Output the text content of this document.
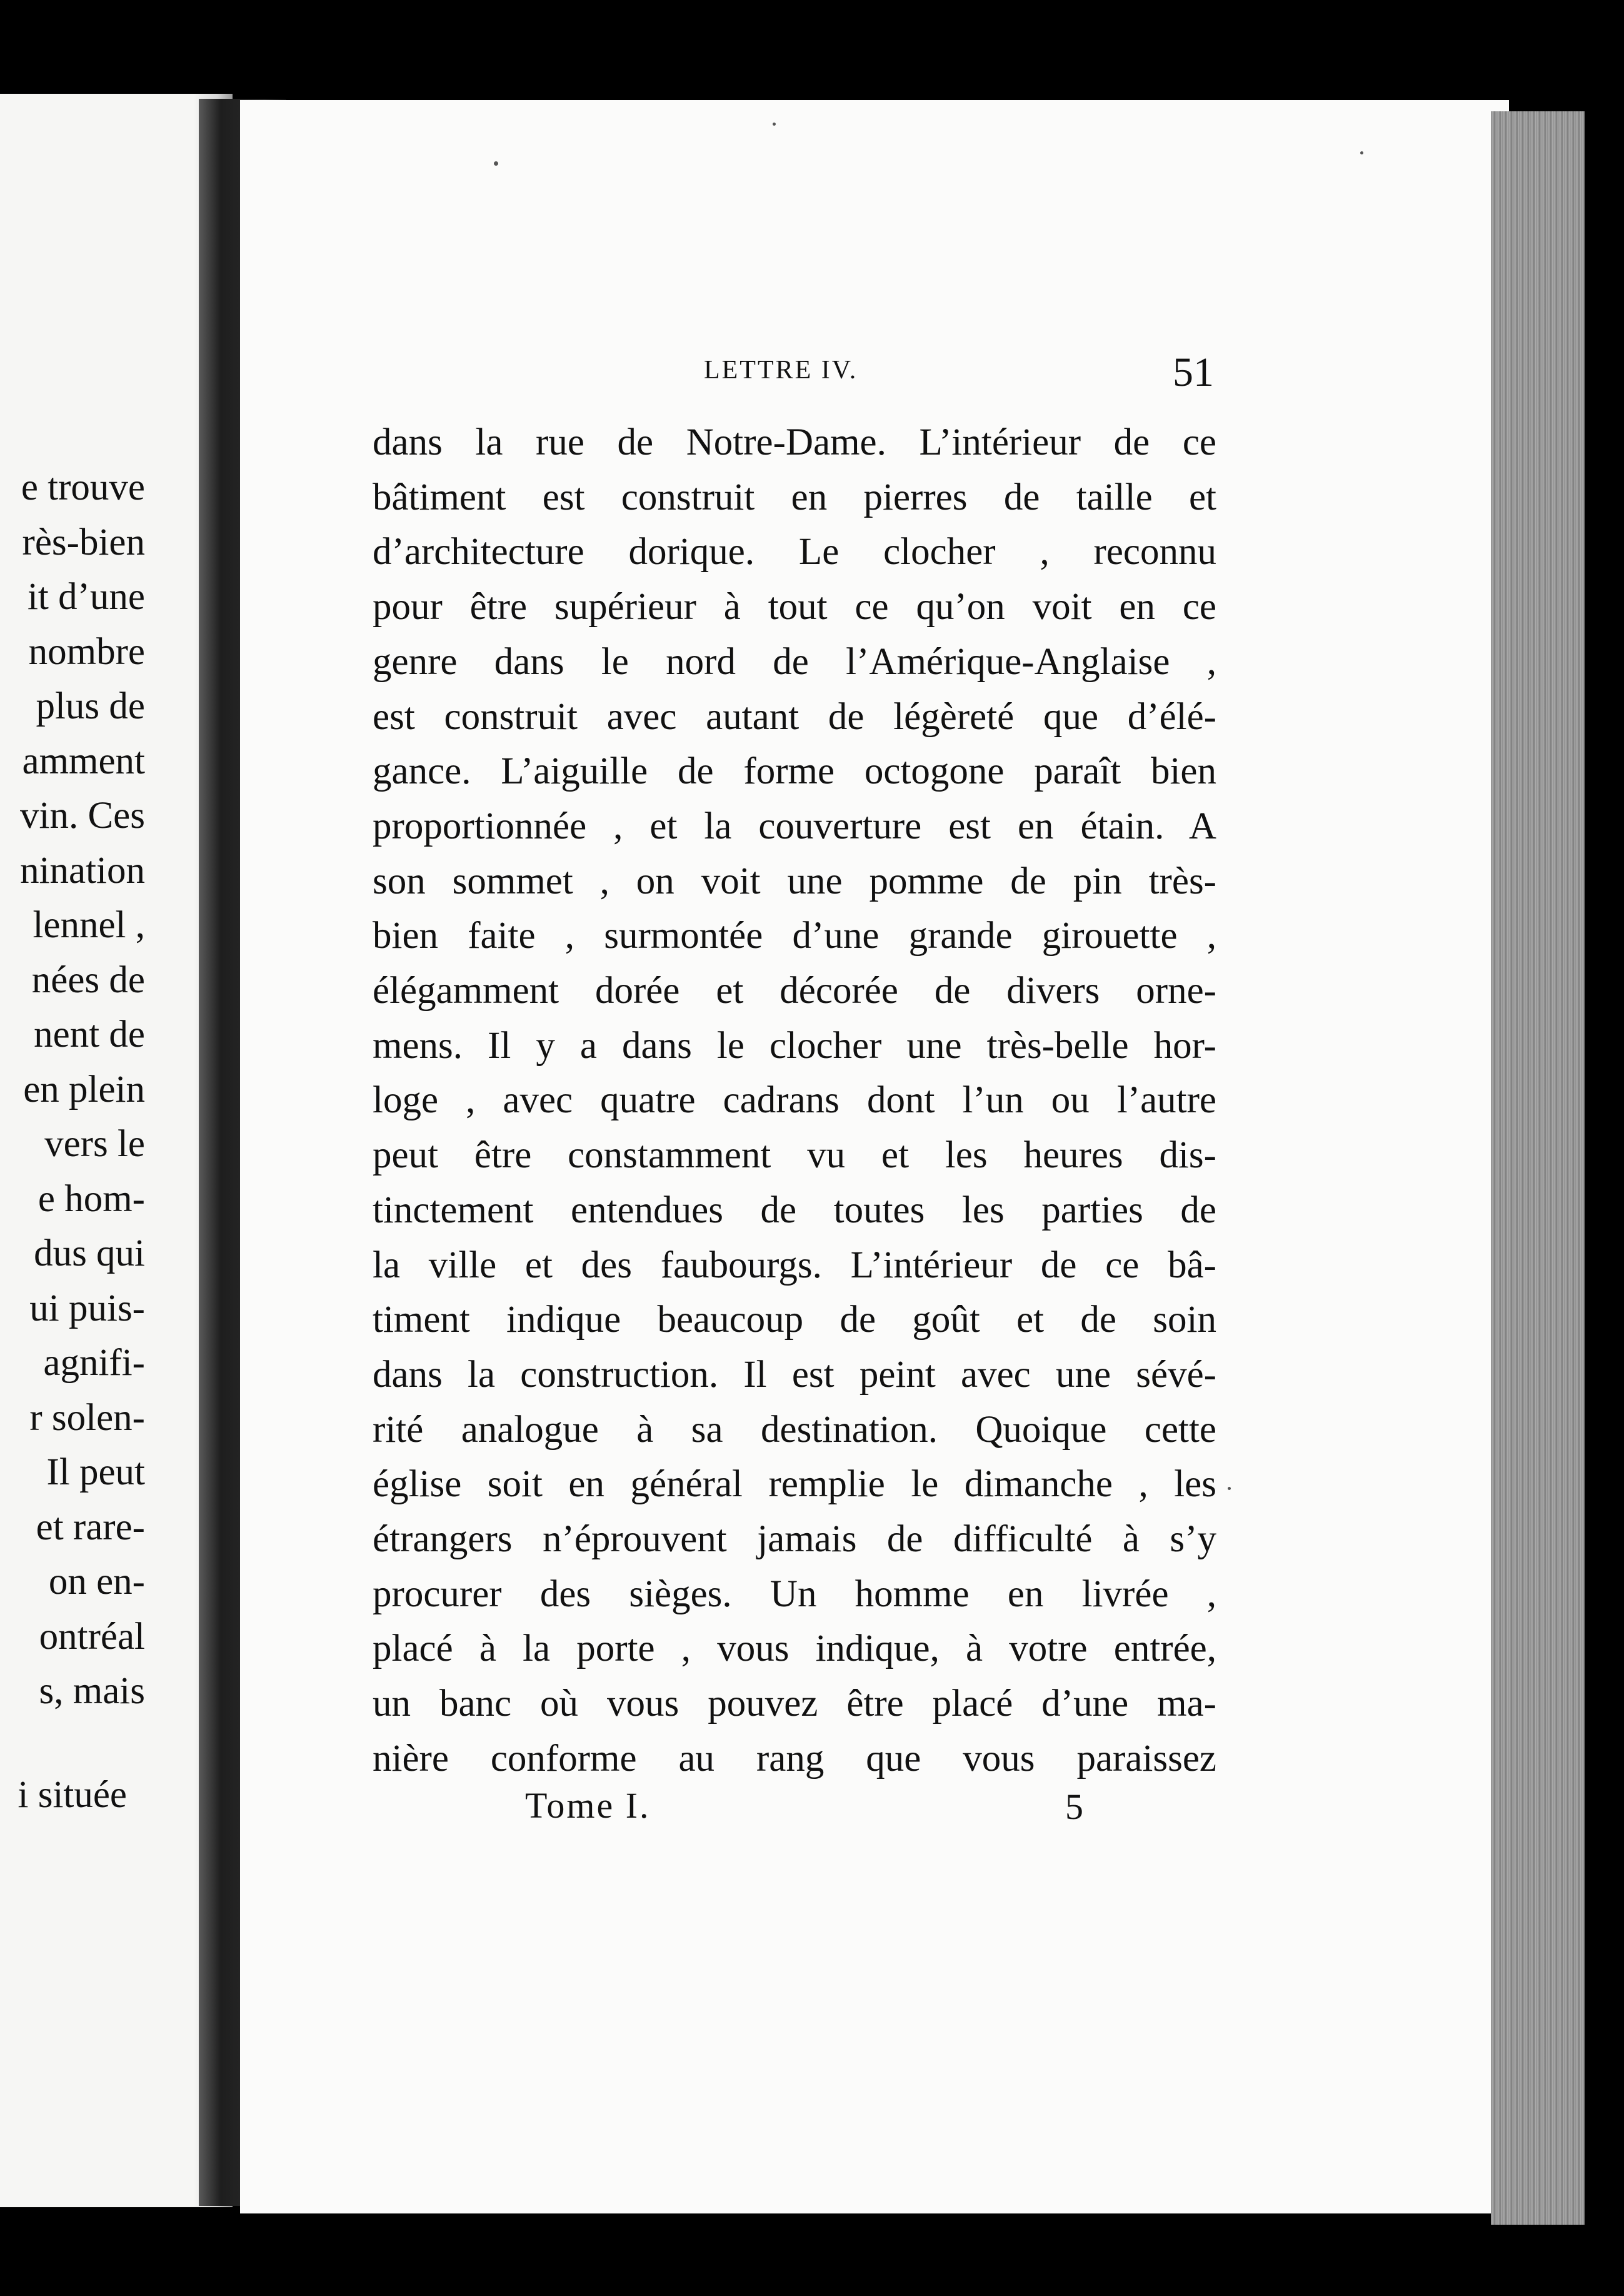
e trouve
rès-bien
it d’une
nombre
plus de
amment
vin. Ces
nination
lennel ,
nées de
nent de
en plein
vers le
e hom-
dus qui
ui puis-
agnifi-
r solen-
Il peut
et rare-
on en-
ontréal
s, mais
i située
LETTRE IV.	51
dans la rue de Notre-Dame. L’intérieur de ce
bâtiment est construit en pierres de taille et
d’architecture dorique. Le clocher , reconnu
pour être supérieur à tout ce qu’on voit en ce
genre dans le nord de l’Amérique-Anglaise ,
est construit avec autant de légèreté que d’élé-
gance. L’aiguille de forme octogone paraît bien
proportionnée , et la couverture est en étain. A
son sommet , on voit une pomme de pin très-
bien faite , surmontée d’une grande girouette ,
élégamment dorée et décorée de divers orne-
mens. Il y a dans le clocher une très-belle hor-
loge , avec quatre cadrans dont l’un ou l’autre
peut être constamment vu et les heures dis-
tinctement entendues de toutes les parties de
la ville et des faubourgs. L’intérieur de ce bâ-
timent indique beaucoup de goût et de soin
dans la construction. Il est peint avec une sévé-
rité analogue à sa destination. Quoique cette
église soit en général remplie le dimanche , les
étrangers n’éprouvent jamais de difficulté à s’y
procurer des sièges. Un homme en livrée ,
placé à la porte , vous indique, à votre entrée,
un banc où vous pouvez être placé d’une ma-
nière conforme au rang que vous paraissez
Tome I.	5
